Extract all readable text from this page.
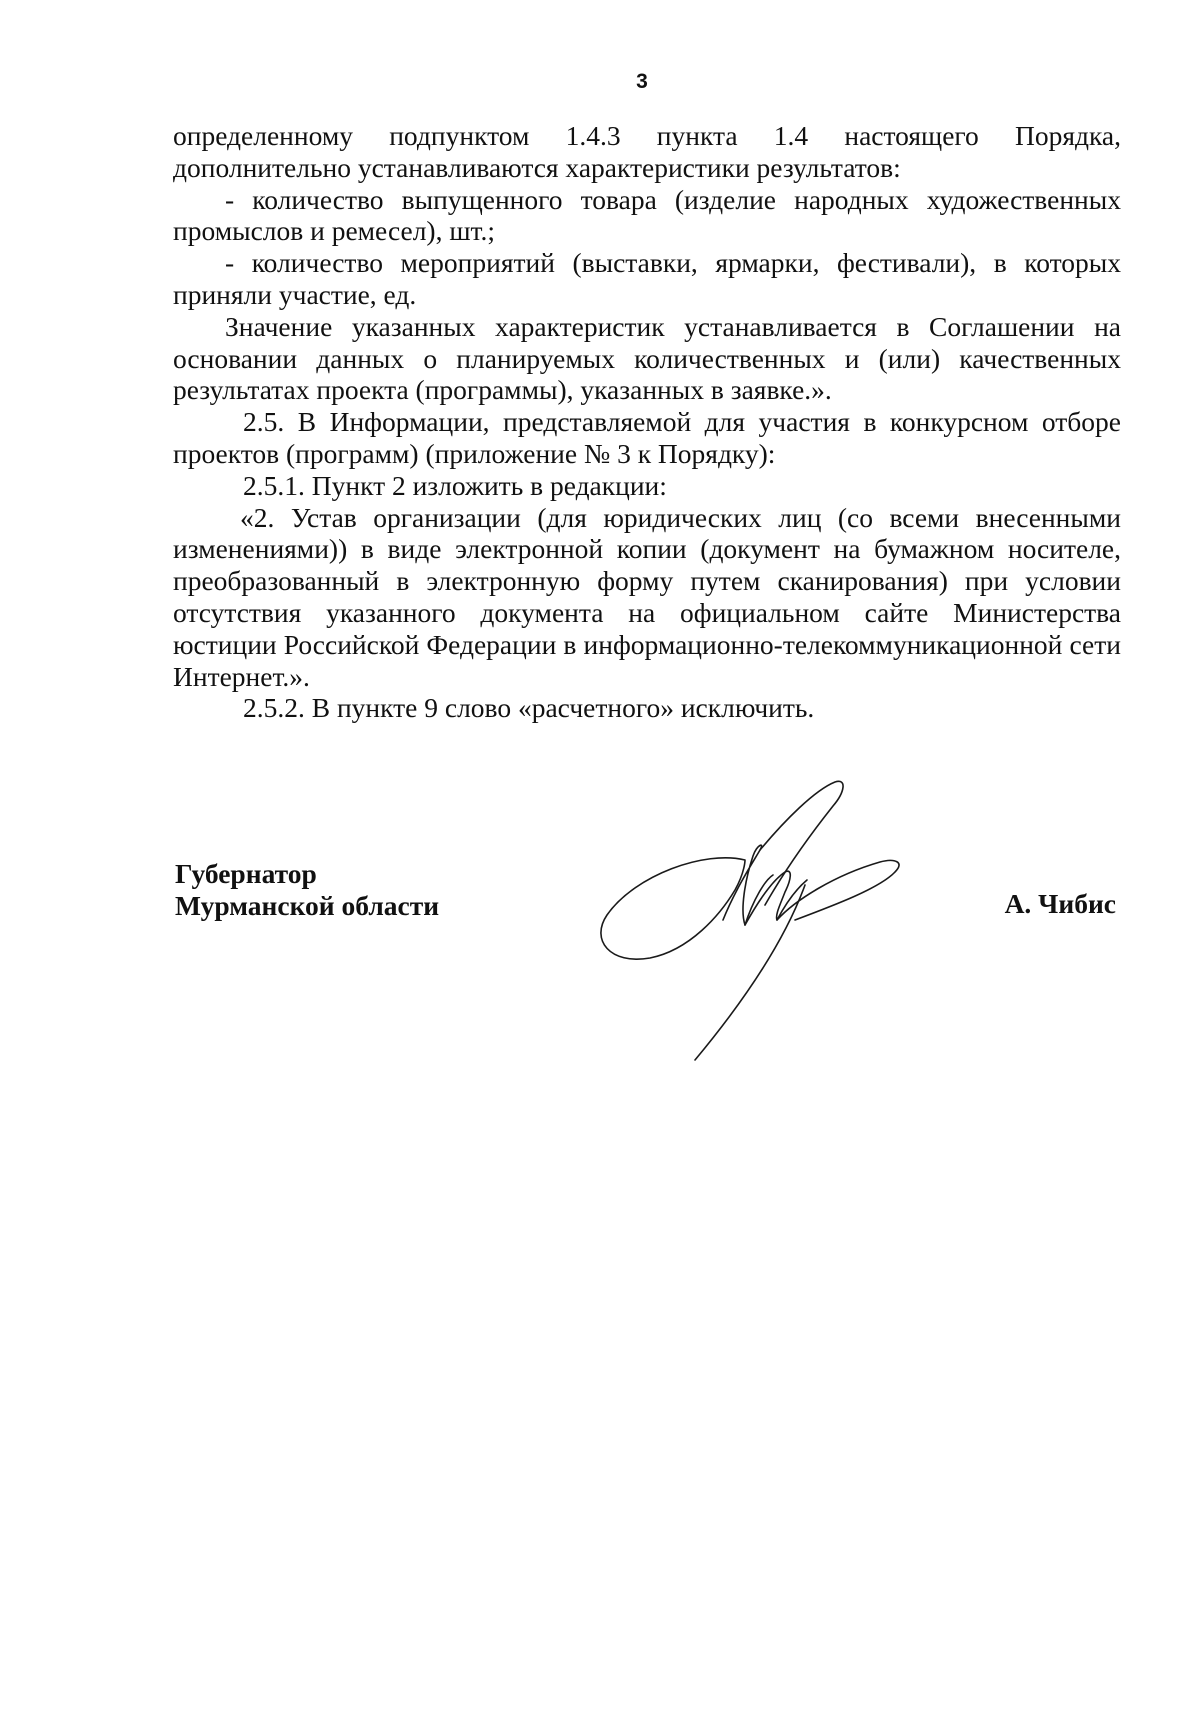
3

определенному подпунктом 1.4.3 пункта 1.4 настоящего Порядка, дополнительно устанавливаются характеристики результатов:

- количество выпущенного товара (изделие народных художественных промыслов и ремесел), шт.;

- количество мероприятий (выставки, ярмарки, фестивали), в которых приняли участие, ед.

Значение указанных характеристик устанавливается в Соглашении на основании данных о планируемых количественных и (или) качественных результатах проекта (программы), указанных в заявке.».

2.5. В Информации, представляемой для участия в конкурсном отборе проектов (программ) (приложение № 3 к Порядку):

2.5.1. Пункт 2 изложить в редакции:

«2. Устав организации (для юридических лиц (со всеми внесенными изменениями)) в виде электронной копии (документ на бумажном носителе, преобразованный в электронную форму путем сканирования) при условии отсутствия указанного документа на официальном сайте Министерства юстиции Российской Федерации в информационно-телекоммуникационной сети Интернет.».

2.5.2. В пункте 9 слово «расчетного» исключить.

Губернатор
Мурманской области	А. Чибис
